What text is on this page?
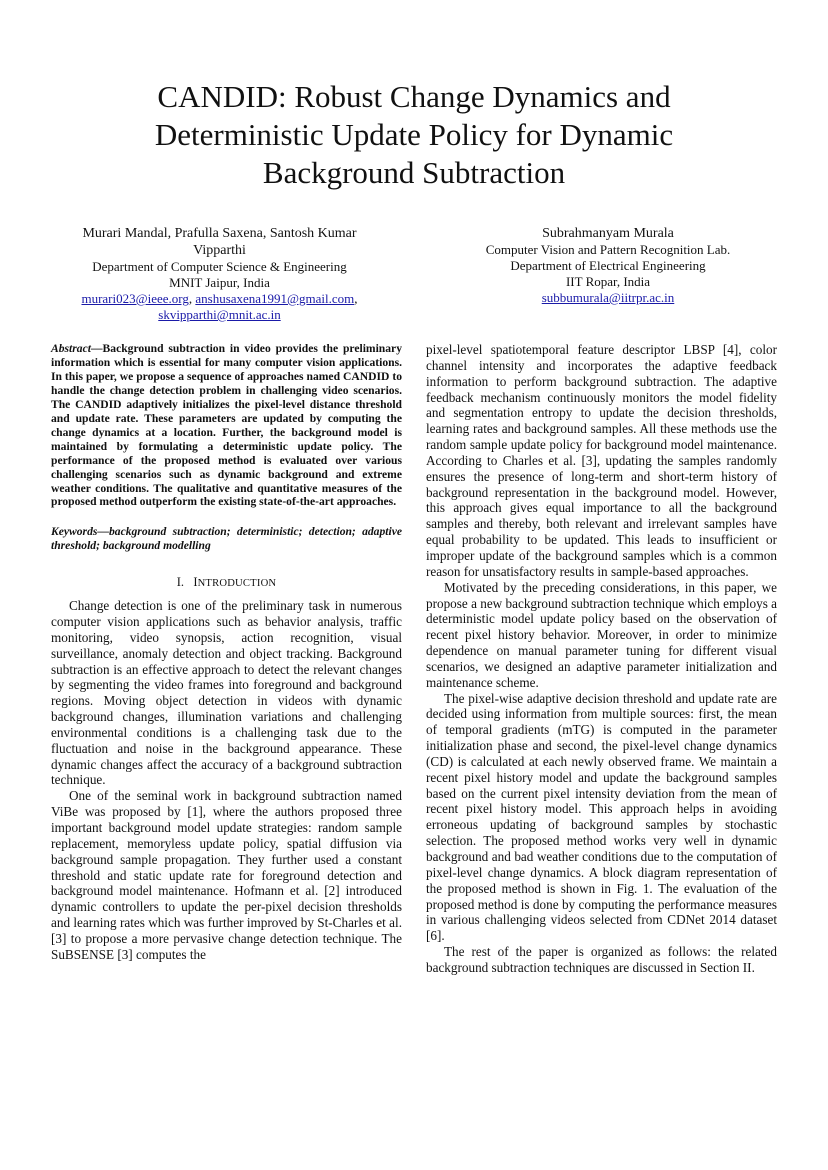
CANDID: Robust Change Dynamics and
Deterministic Update Policy for Dynamic
Background Subtraction
Murari Mandal, Prafulla Saxena, Santosh Kumar
Vipparthi
Department of Computer Science & Engineering
MNIT Jaipur, India
murari023@ieee.org, anshusaxena1991@gmail.com,
skvipparthi@mnit.ac.in
Subrahmanyam Murala
Computer Vision and Pattern Recognition Lab.
Department of Electrical Engineering
IIT Ropar, India
subbumurala@iitrpr.ac.in
Abstract—Background subtraction in video provides the preliminary information which is essential for many computer vision applications. In this paper, we propose a sequence of approaches named CANDID to handle the change detection problem in challenging video scenarios. The CANDID adaptively initializes the pixel-level distance threshold and update rate. These parameters are updated by computing the change dynamics at a location. Further, the background model is maintained by formulating a deterministic update policy. The performance of the proposed method is evaluated over various challenging scenarios such as dynamic background and extreme weather conditions. The qualitative and quantitative measures of the proposed method outperform the existing state-of-the-art approaches.
Keywords—background subtraction; deterministic; detection; adaptive threshold; background modelling
I. INTRODUCTION

Change detection is one of the preliminary task in numerous computer vision applications such as behavior analysis, traffic monitoring, video synopsis, action recognition, visual surveillance, anomaly detection and object tracking. Background subtraction is an effective approach to detect the relevant changes by segmenting the video frames into foreground and background regions. Moving object detection in videos with dynamic background changes, illumination variations and challenging environmental conditions is a challenging task due to the fluctuation and noise in the background appearance. These dynamic changes affect the accuracy of a background subtraction technique.

One of the seminal work in background subtraction named ViBe was proposed by [1], where the authors proposed three important background model update strategies: random sample replacement, memoryless update policy, spatial diffusion via background sample propagation. They further used a constant threshold and static update rate for foreground detection and background model maintenance. Hofmann et al. [2] introduced dynamic controllers to update the per-pixel decision thresholds and learning rates which was further improved by St-Charles et al. [3] to propose a more pervasive change detection technique. The SuBSENSE [3] computes the

pixel-level spatiotemporal feature descriptor LBSP [4], color channel intensity and incorporates the adaptive feedback information to perform background subtraction. The adaptive feedback mechanism continuously monitors the model fidelity and segmentation entropy to update the decision thresholds, learning rates and background samples. All these methods use the random sample update policy for background model maintenance. According to Charles et al. [3], updating the samples randomly ensures the presence of long-term and short-term history of background representation in the background model. However, this approach gives equal importance to all the background samples and thereby, both relevant and irrelevant samples have equal probability to be updated. This leads to insufficient or improper update of the background samples which is a common reason for unsatisfactory results in sample-based approaches.

Motivated by the preceding considerations, in this paper, we propose a new background subtraction technique which employs a deterministic model update policy based on the observation of recent pixel history behavior. Moreover, in order to minimize dependence on manual parameter tuning for different visual scenarios, we designed an adaptive parameter initialization and maintenance scheme.

The pixel-wise adaptive decision threshold and update rate are decided using information from multiple sources: first, the mean of temporal gradients (mTG) is computed in the parameter initialization phase and second, the pixel-level change dynamics (CD) is calculated at each newly observed frame. We maintain a recent pixel history model and update the background samples based on the current pixel intensity deviation from the mean of recent pixel history model. This approach helps in avoiding erroneous updating of background samples by stochastic selection. The proposed method works very well in dynamic background and bad weather conditions due to the computation of pixel-level change dynamics. A block diagram representation of the proposed method is shown in Fig. 1. The evaluation of the proposed method is done by computing the performance measures in various challenging videos selected from CDNet 2014 dataset [6].

The rest of the paper is organized as follows: the related background subtraction techniques are discussed in Section II.
